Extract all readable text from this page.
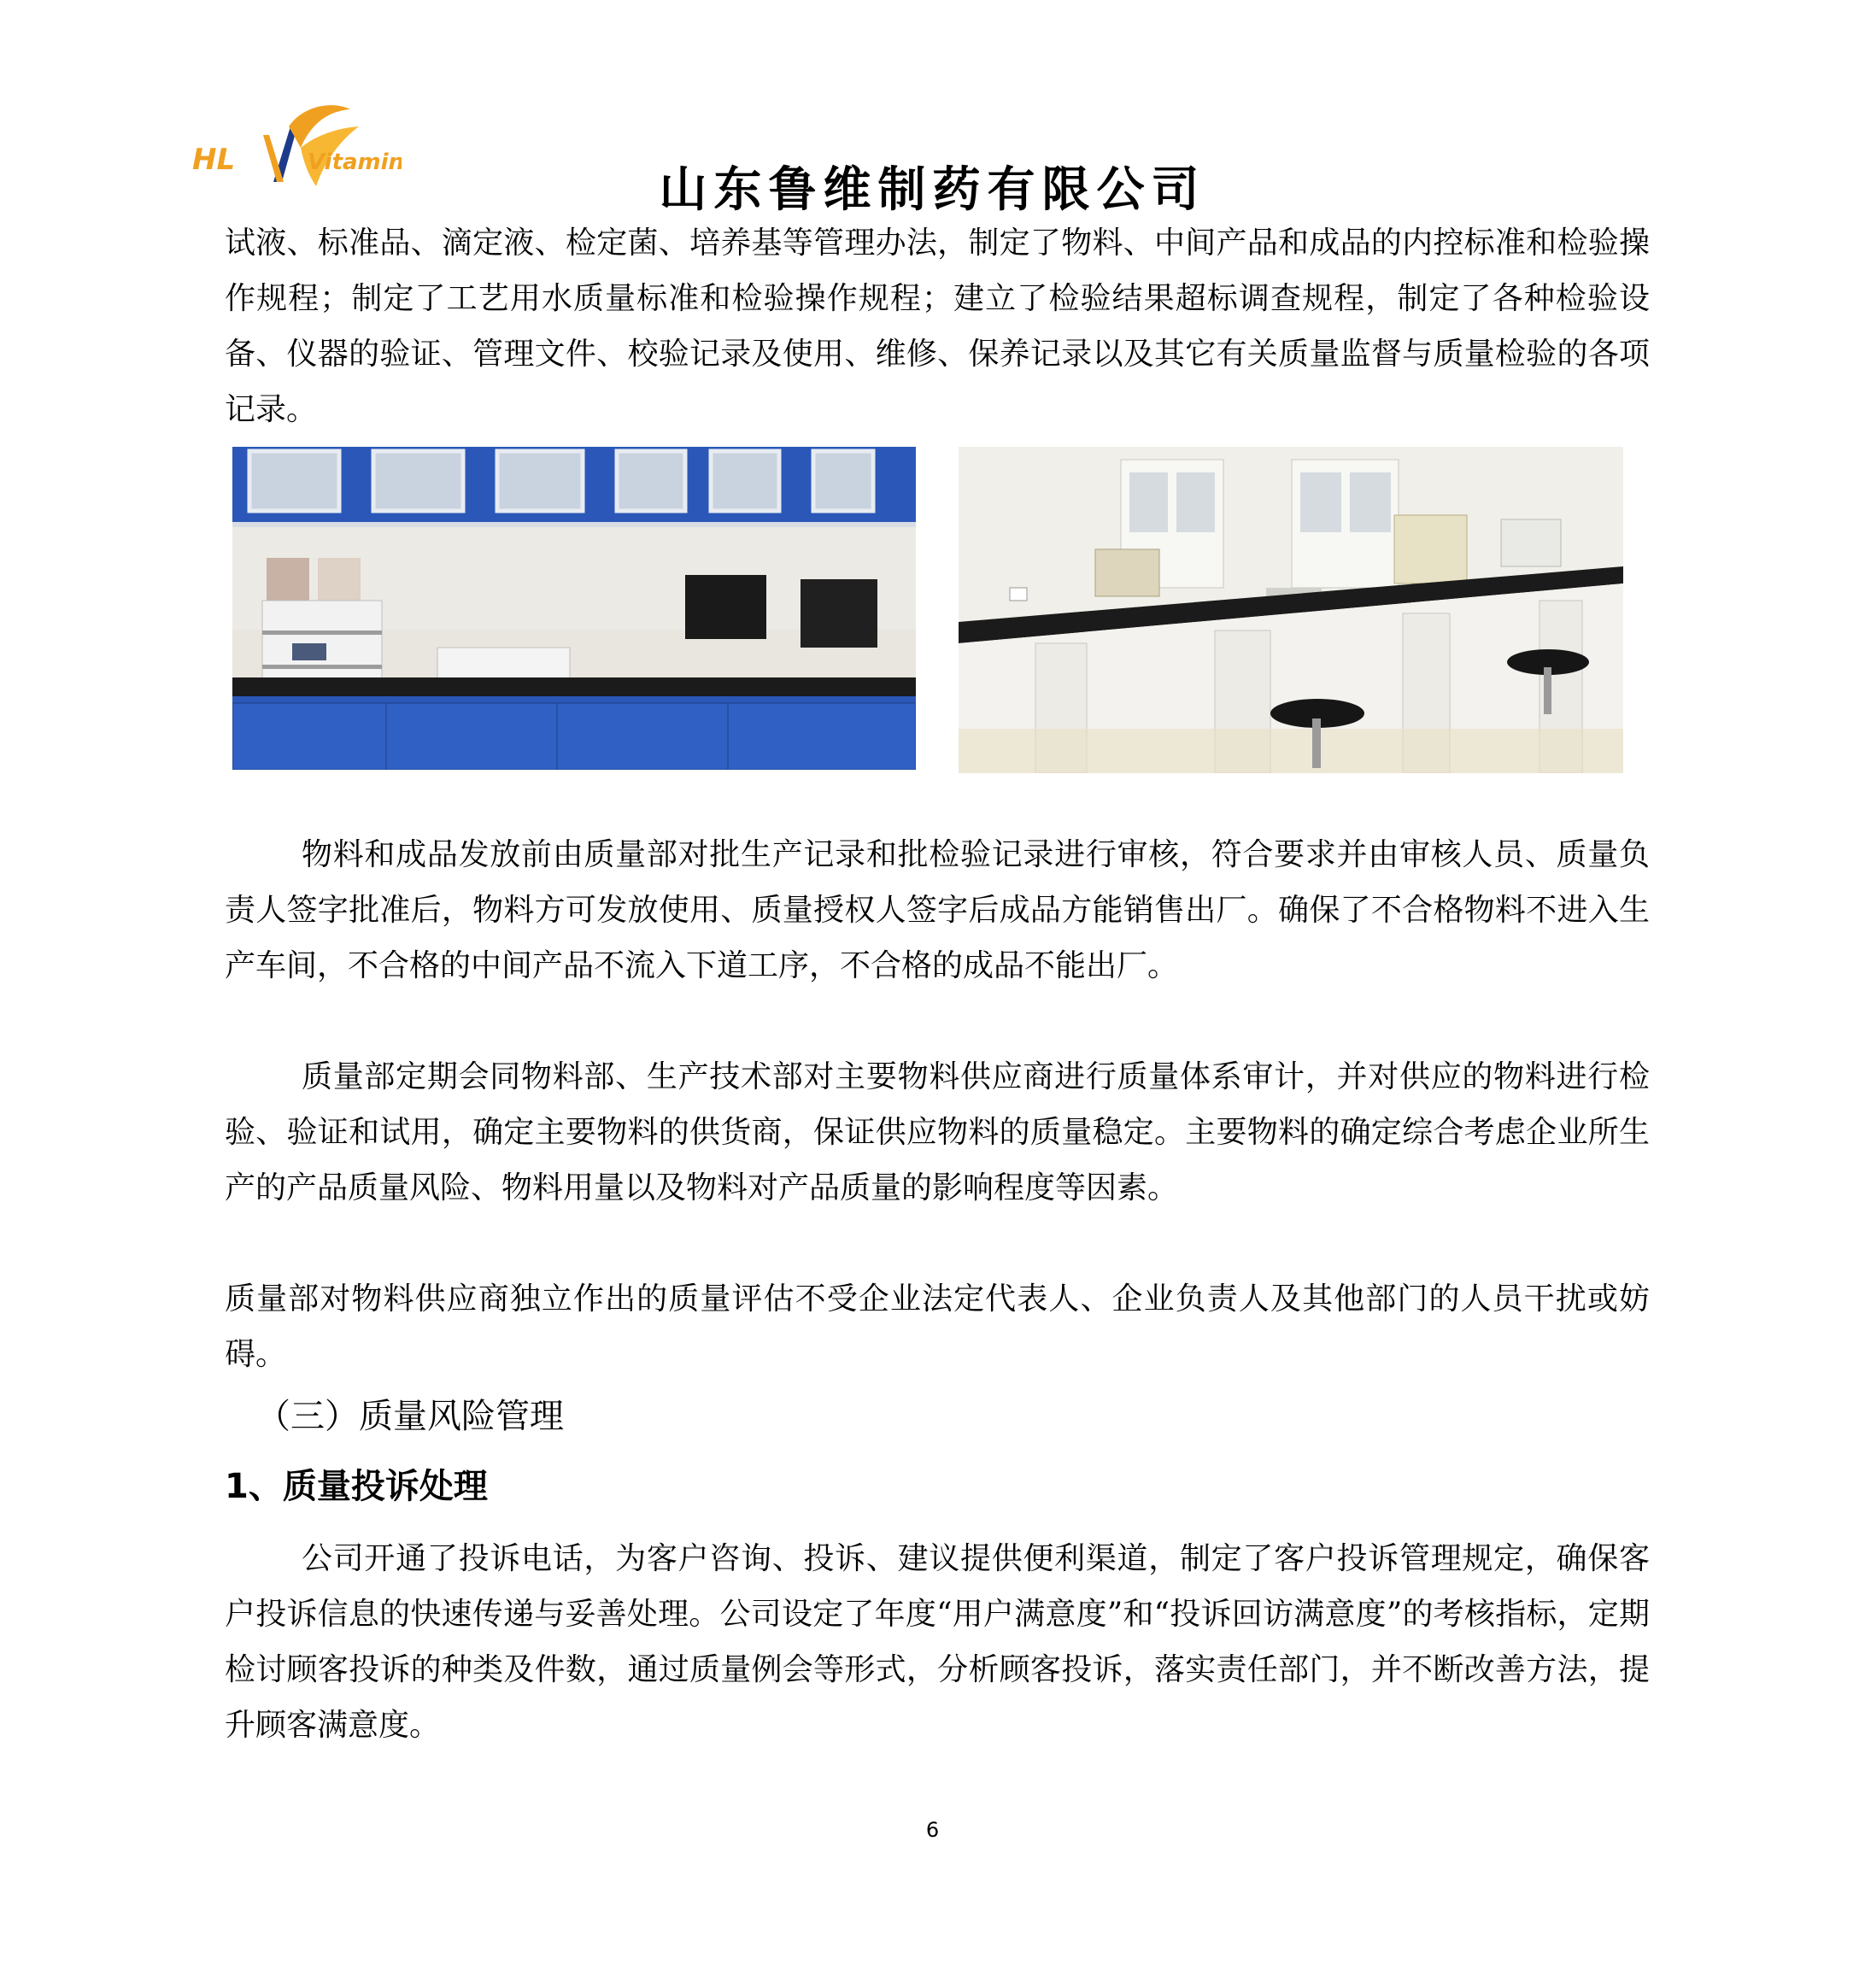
HL	Vitamin	山东鲁维制药有限公司

试液、标准品、滴定液、检定菌、培养基等管理办法，制定了物料、中间产品和成品的内控标准和检验操作规程；制定了工艺用水质量标准和检验操作规程；建立了检验结果超标调查规程，制定了各种检验设备、仪器的验证、管理文件、校验记录及使用、维修、保养记录以及其它有关质量监督与质量检验的各项记录。

物料和成品发放前由质量部对批生产记录和批检验记录进行审核，符合要求并由审核人员、质量负责人签字批准后，物料方可发放使用、质量授权人签字后成品方能销售出厂。确保了不合格物料不进入生产车间，不合格的中间产品不流入下道工序，不合格的成品不能出厂。

质量部定期会同物料部、生产技术部对主要物料供应商进行质量体系审计，并对供应的物料进行检验、验证和试用，确定主要物料的供货商，保证供应物料的质量稳定。主要物料的确定综合考虑企业所生产的产品质量风险、物料用量以及物料对产品质量的影响程度等因素。

质量部对物料供应商独立作出的质量评估不受企业法定代表人、企业负责人及其他部门的人员干扰或妨碍。

（三）质量风险管理
1、质量投诉处理

公司开通了投诉电话，为客户咨询、投诉、建议提供便利渠道，制定了客户投诉管理规定，确保客户投诉信息的快速传递与妥善处理。公司设定了年度“用户满意度”和“投诉回访满意度”的考核指标，定期检讨顾客投诉的种类及件数，通过质量例会等形式，分析顾客投诉，落实责任部门，并不断改善方法，提升顾客满意度。

6
